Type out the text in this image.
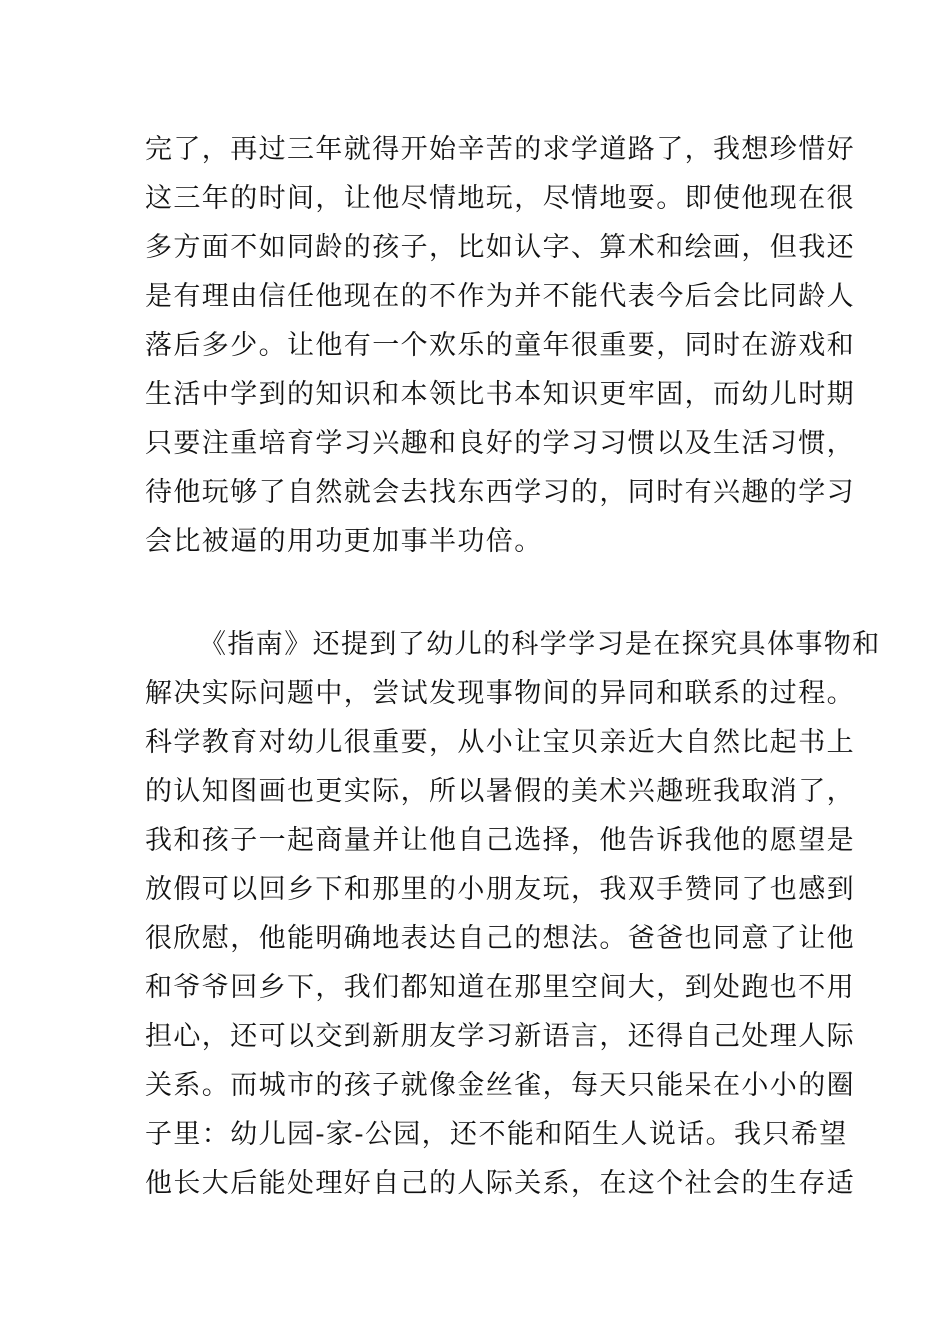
完了，再过三年就得开始辛苦的求学道路了，我想珍惜好
这三年的时间，让他尽情地玩，尽情地耍。即使他现在很
多方面不如同龄的孩子，比如认字、算术和绘画，但我还
是有理由信任他现在的不作为并不能代表今后会比同龄人
落后多少。让他有一个欢乐的童年很重要，同时在游戏和
生活中学到的知识和本领比书本知识更牢固，而幼儿时期
只要注重培育学习兴趣和良好的学习习惯以及生活习惯，
待他玩够了自然就会去找东西学习的，同时有兴趣的学习
会比被逼的用功更加事半功倍。
《指南》还提到了幼儿的科学学习是在探究具体事物和
解决实际问题中，尝试发现事物间的异同和联系的过程。
科学教育对幼儿很重要，从小让宝贝亲近大自然比起书上
的认知图画也更实际，所以暑假的美术兴趣班我取消了，
我和孩子一起商量并让他自己选择，他告诉我他的愿望是
放假可以回乡下和那里的小朋友玩，我双手赞同了也感到
很欣慰，他能明确地表达自己的想法。爸爸也同意了让他
和爷爷回乡下，我们都知道在那里空间大，到处跑也不用
担心，还可以交到新朋友学习新语言，还得自己处理人际
关系。而城市的孩子就像金丝雀，每天只能呆在小小的圈
子里：幼儿园-家-公园，还不能和陌生人说话。我只希望
他长大后能处理好自己的人际关系，在这个社会的生存适
